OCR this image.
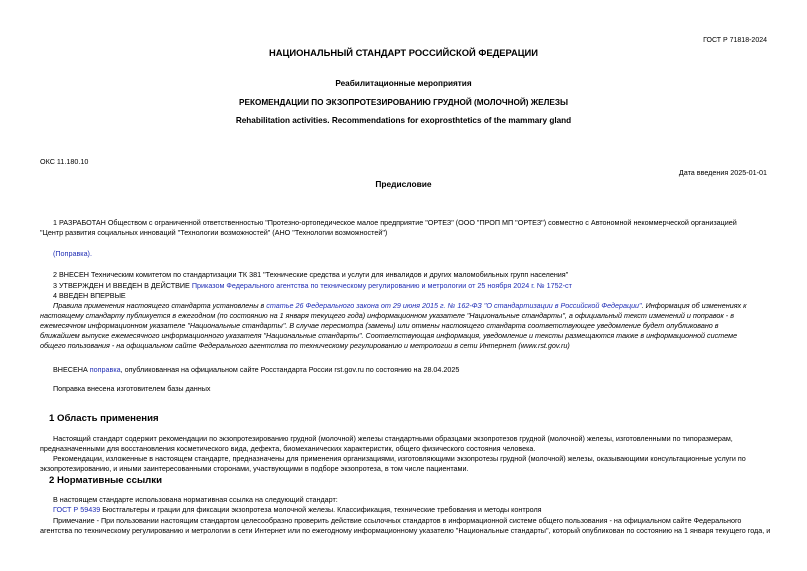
ГОСТ Р 71818-2024
НАЦИОНАЛЬНЫЙ СТАНДАРТ РОССИЙСКОЙ ФЕДЕРАЦИИ
Реабилитационные мероприятия
РЕКОМЕНДАЦИИ ПО ЭКЗОПРОТЕЗИРОВАНИЮ ГРУДНОЙ (МОЛОЧНОЙ) ЖЕЛЕЗЫ
Rehabilitation activities. Recommendations for exoprosthtetics of the mammary gland
ОКС 11.180.10
Дата введения 2025-01-01
Предисловие
1 РАЗРАБОТАН Обществом с ограниченной ответственностью "Протезно-ортопедическое малое предприятие "ОРТЕЗ" (ООО "ПРОП МП "ОРТЕЗ") совместно с Автономной некоммерческой организацией
"Центр развития социальных инноваций "Технологии возможностей" (АНО "Технологии возможностей")
(Поправка).
2 ВНЕСЕН Техническим комитетом по стандартизации ТК 381 "Технические средства и услуги для инвалидов и других маломобильных групп населения"
3 УТВЕРЖДЕН И ВВЕДЕН В ДЕЙСТВИЕ Приказом Федерального агентства по техническому регулированию и метрологии от 25 ноября 2024 г. № 1752-ст
4 ВВЕДЕН ВПЕРВЫЕ
Правила применения настоящего стандарта установлены в статье 26 Федерального закона от 29 июня 2015 г. № 162-ФЗ "О стандартизации в Российской Федерации". Информация об изменениях к
настоящему стандарту публикуется в ежегодном (по состоянию на 1 января текущего года) информационном указателе "Национальные стандарты", а официальный текст изменений и поправок - в
ежемесячном информационном указателе "Национальные стандарты". В случае пересмотра (замены) или отмены настоящего стандарта соответствующее уведомление будет опубликовано в
ближайшем выпуске ежемесячного информационного указателя "Национальные стандарты". Соответствующая информация, уведомление и тексты размещаются также в информационной системе
общего пользования - на официальном сайте Федерального агентства по техническому регулированию и метрологии в сети Интернет (www.rst.gov.ru)
ВНЕСЕНА поправка, опубликованная на официальном сайте Росстандарта России rst.gov.ru по состоянию на 28.04.2025
Поправка внесена изготовителем базы данных
1 Область применения
Настоящий стандарт содержит рекомендации по экзопротезированию грудной (молочной) железы стандартными образцами экзопротезов грудной (молочной) железы, изготовленными по типоразмерам,
предназначенными для восстановления косметического вида, дефекта, биомеханических характеристик, общего физического состояния человека.
Рекомендации, изложенные в настоящем стандарте, предназначены для применения организациями, изготовляющими экзопротезы грудной (молочной) железы, оказывающими консультационные услуги по
экзопротезированию, и иными заинтересованными сторонами, участвующими в подборе экзопротеза, в том числе пациентами.
2 Нормативные ссылки
В настоящем стандарте использована нормативная ссылка на следующий стандарт:
ГОСТ Р 59439 Бюстгальтеры и грации для фиксации экзопротеза молочной железы. Классификация, технические требования и методы контроля
Примечание - При пользовании настоящим стандартом целесообразно проверить действие ссылочных стандартов в информационной системе общего пользования - на официальном сайте Федерального
агентства по техническому регулированию и метрологии в сети Интернет или по ежегодному информационному указателю "Национальные стандарты", который опубликован по состоянию на 1 января текущего года, и
